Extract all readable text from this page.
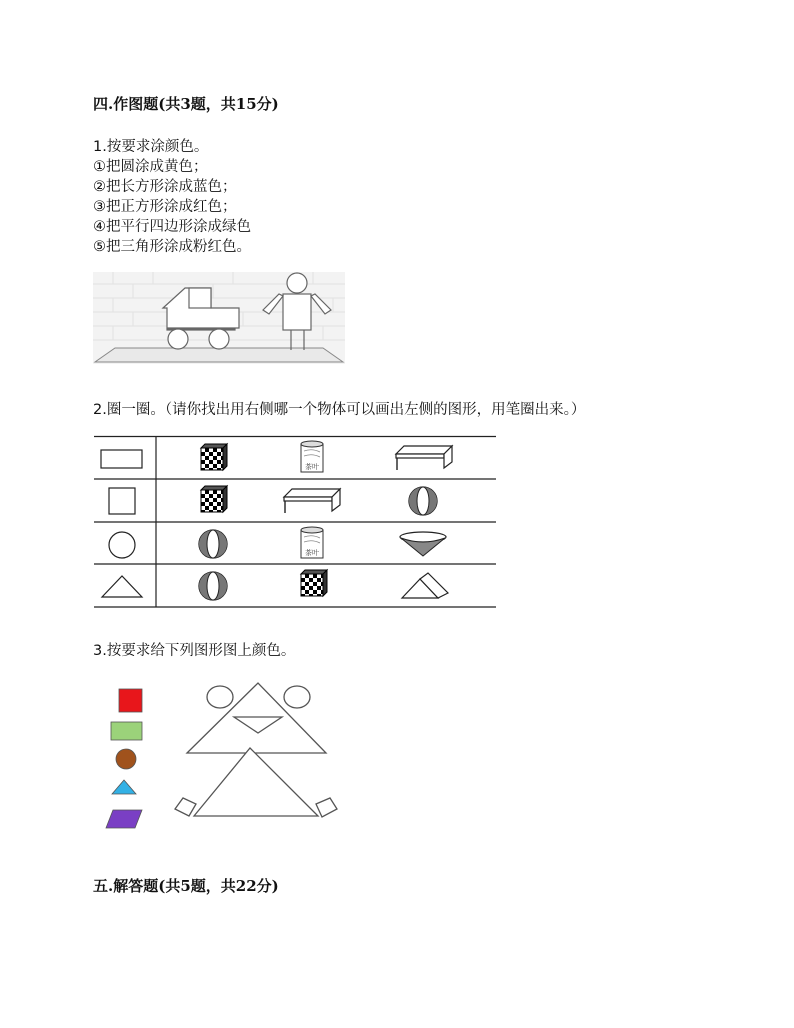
四.作图题(共3题，共15分)
1.按要求涂颜色。
①把圆涂成黄色；
②把长方形涂成蓝色；
③把正方形涂成红色；
④把平行四边形涂成绿色
⑤把三角形涂成粉红色。
2.圈一圈。（请你找出用右侧哪一个物体可以画出左侧的图形，用笔圈出来。）
茶叶
茶叶
3.按要求给下列图形图上颜色。
五.解答题(共5题，共22分)
